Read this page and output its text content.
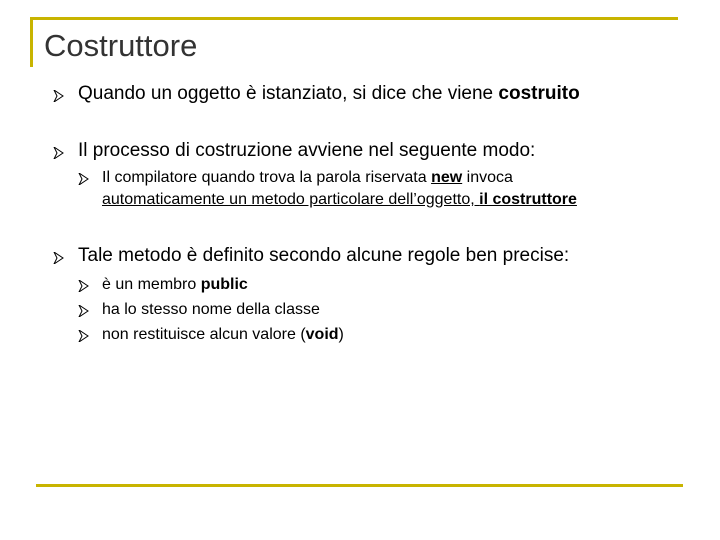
Costruttore
Quando un oggetto è istanziato, si dice che viene costruito
Il processo di costruzione avviene nel seguente modo:
Il compilatore quando trova la parola riservata new invoca
automaticamente un metodo particolare dell’oggetto, il costruttore
Tale metodo è definito secondo alcune regole ben precise:
è un membro public
ha lo stesso nome della classe
non restituisce alcun valore (void)
